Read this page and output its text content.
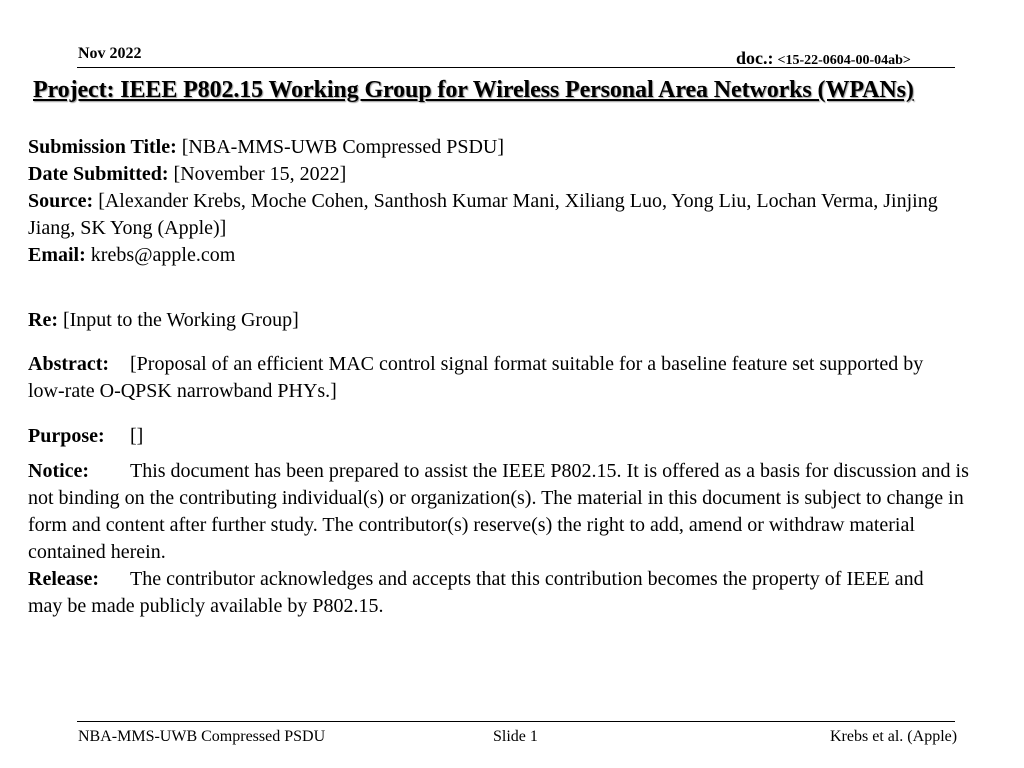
Nov 2022	doc.: <15-22-0604-00-04ab>
Project: IEEE P802.15 Working Group for Wireless Personal Area Networks (WPANs)
Submission Title: [NBA-MMS-UWB Compressed PSDU]
Date Submitted: [November 15, 2022]
Source: [Alexander Krebs, Moche Cohen, Santhosh Kumar Mani, Xiliang Luo, Yong Liu, Lochan Verma, Jinjing Jiang, SK Yong (Apple)]
Email: krebs@apple.com
Re: [Input to the Working Group]
Abstract: [Proposal of an efficient MAC control signal format suitable for a baseline feature set supported by low-rate O-QPSK narrowband PHYs.]
Purpose: []
Notice: This document has been prepared to assist the IEEE P802.15. It is offered as a basis for discussion and is not binding on the contributing individual(s) or organization(s). The material in this document is subject to change in form and content after further study. The contributor(s) reserve(s) the right to add, amend or withdraw material contained herein.
Release: The contributor acknowledges and accepts that this contribution becomes the property of IEEE and may be made publicly available by P802.15.
NBA-MMS-UWB Compressed PSDU	Slide 1	Krebs et al. (Apple)
